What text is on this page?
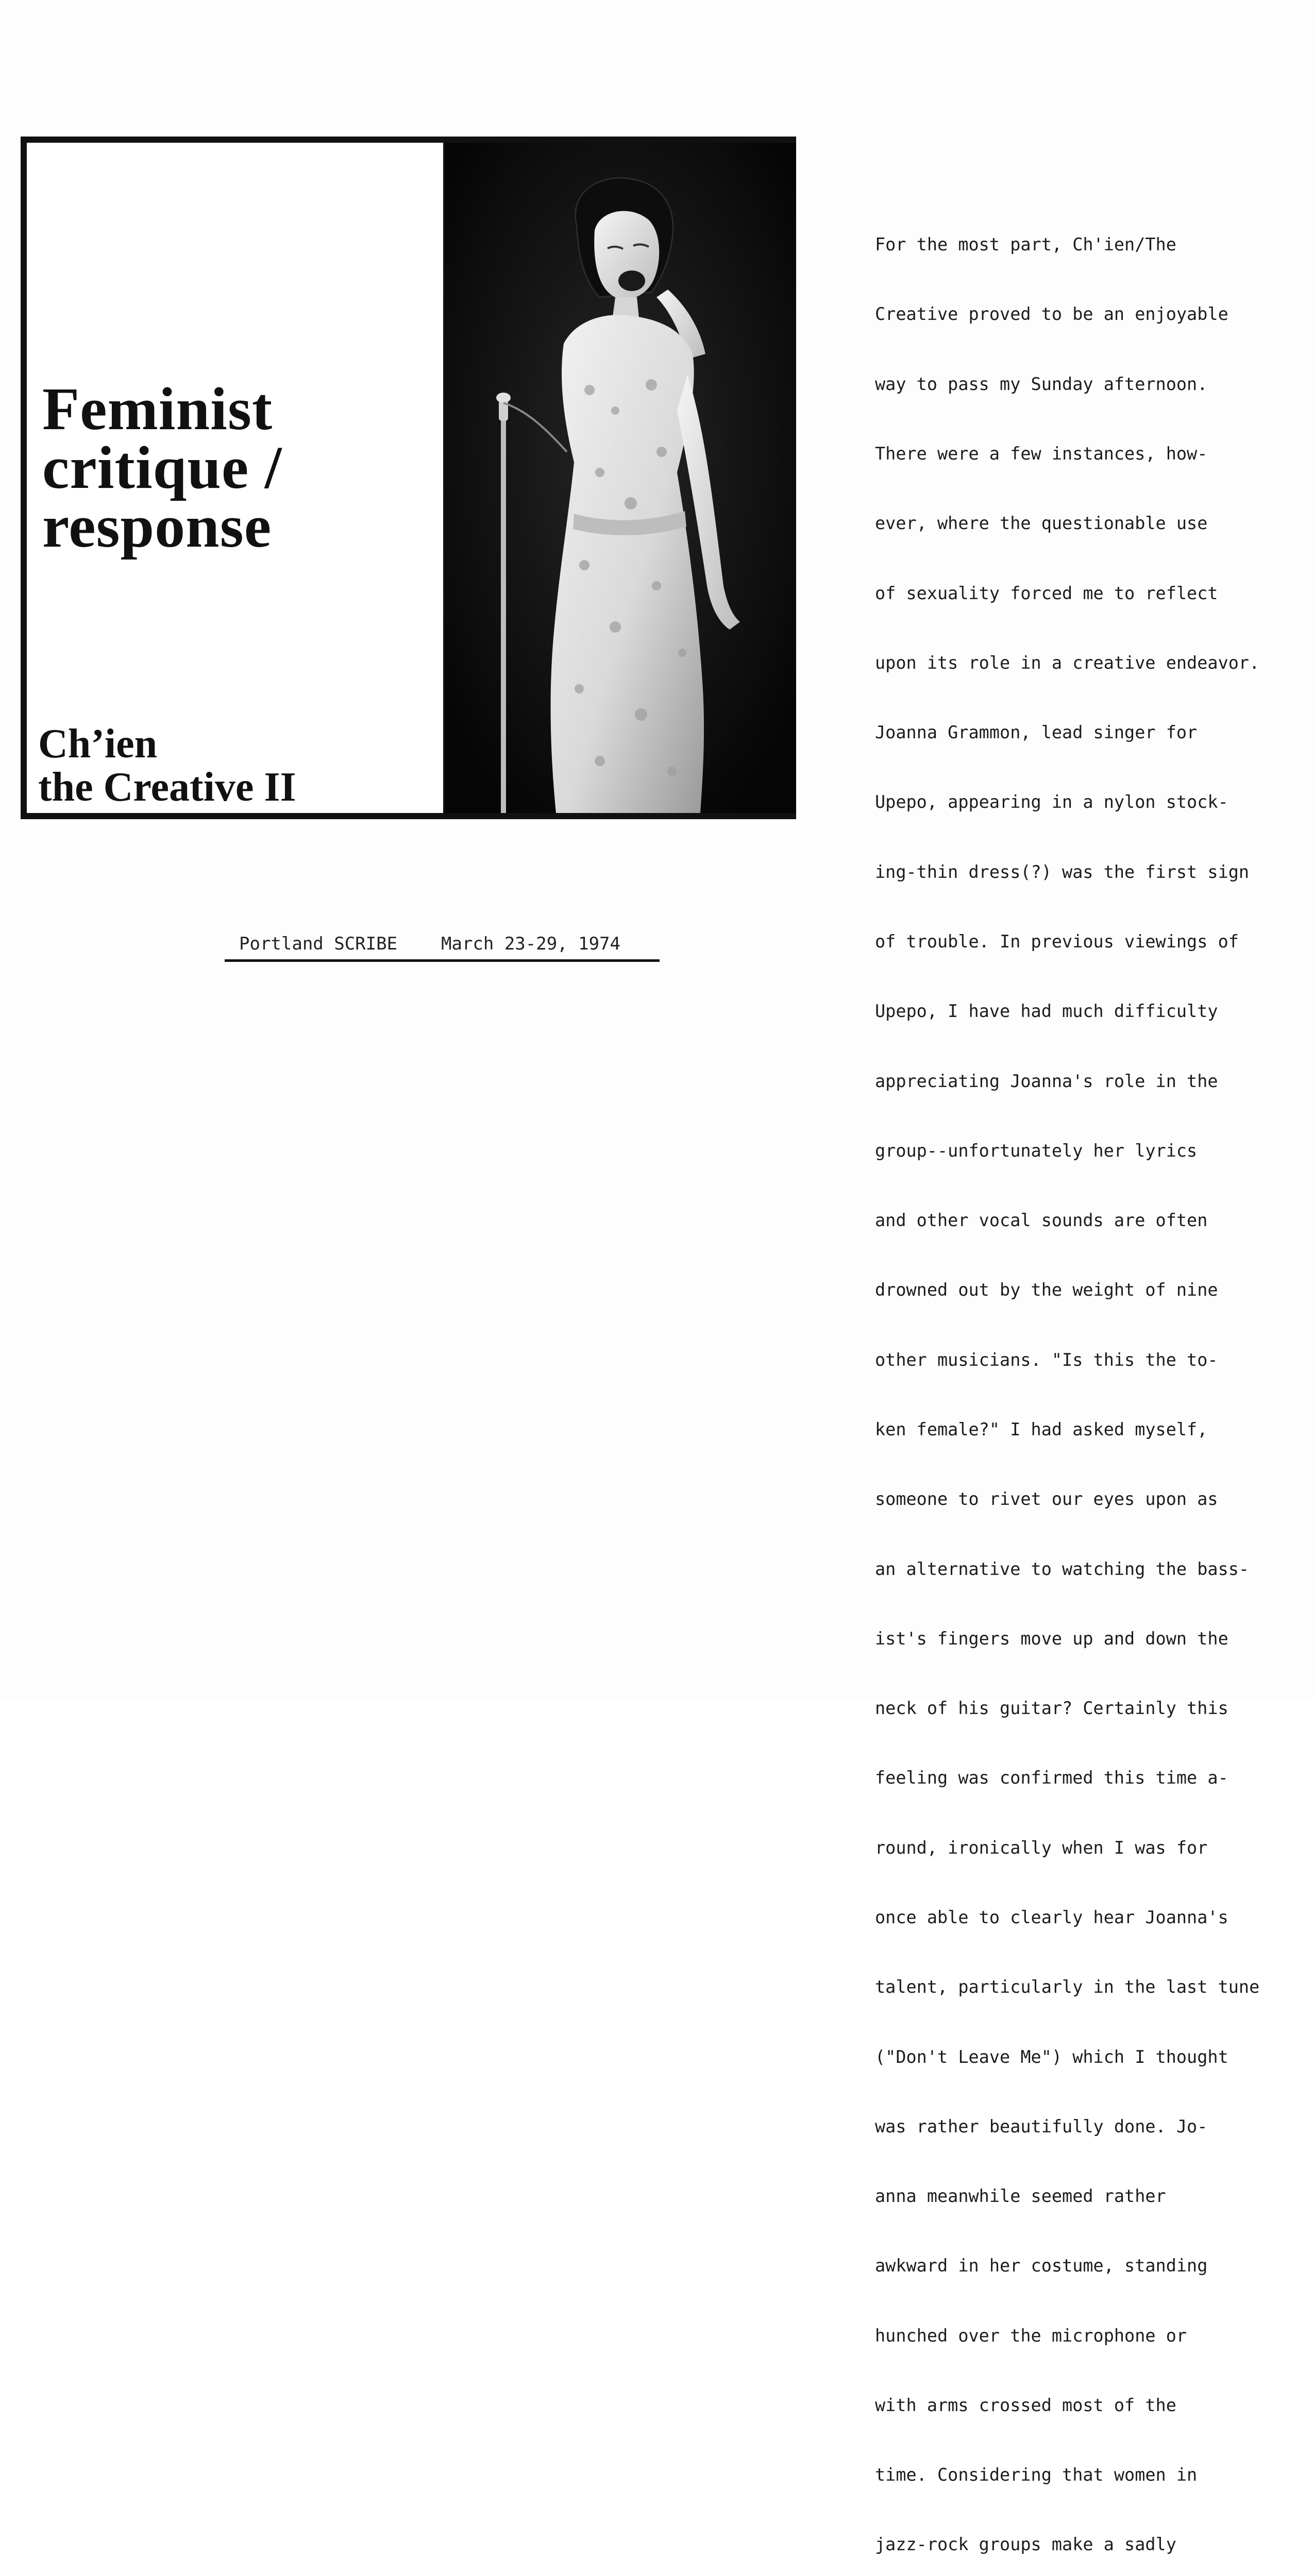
Feminist
critique /
response
Ch’ien
the Creative II
Portland SCRIBE March 23-29, 1974

For the most part, Ch'ien/The

Creative proved to be an enjoyable

way to pass my Sunday afternoon.

There were a few instances, how-

ever, where the questionable use

of sexuality forced me to reflect

upon its role in a creative endeavor.

Joanna Grammon, lead singer for

Upepo, appearing in a nylon stock-

ing-thin dress(?) was the first sign

of trouble. In previous viewings of

Upepo, I have had much difficulty

appreciating Joanna's role in the

group--unfortunately her lyrics

and other vocal sounds are often

drowned out by the weight of nine

other musicians. "Is this the to-

ken female?" I had asked myself,

someone to rivet our eyes upon as

an alternative to watching the bass-

ist's fingers move up and down the

neck of his guitar? Certainly this

feeling was confirmed this time a-

round, ironically when I was for

once able to clearly hear Joanna's

talent, particularly in the last tune

("Don't Leave Me") which I thought

was rather beautifully done. Jo-

anna meanwhile seemed rather

awkward in her costume, standing

hunched over the microphone or

with arms crossed most of the

time. Considering that women in

jazz-rock groups make a sadly
